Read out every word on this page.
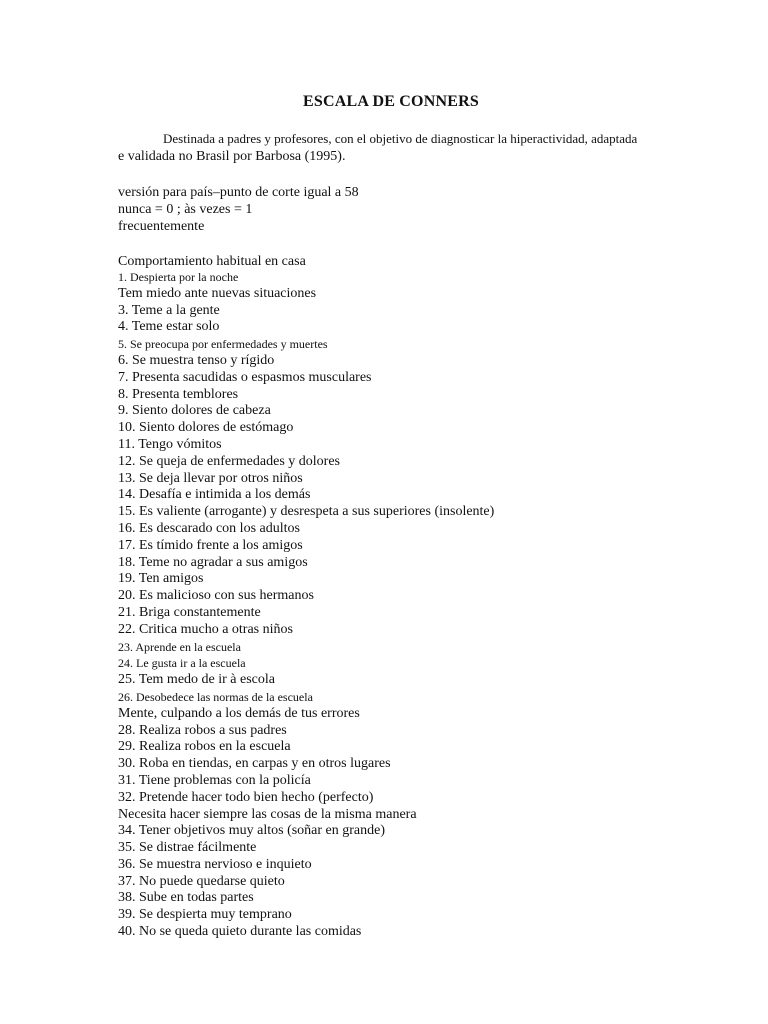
ESCALA DE CONNERS
Destinada a padres y profesores, con el objetivo de diagnosticar la hiperactividad, adaptada
e validada no Brasil por Barbosa (1995).
versión para país–punto de corte igual a 58
nunca = 0 ; às vezes = 1
frecuentemente
Comportamiento habitual en casa
1. Despierta por la noche
Tem miedo ante nuevas situaciones
3. Teme a la gente
4. Teme estar solo
5. Se preocupa por enfermedades y muertes
6. Se muestra tenso y rígido
7. Presenta sacudidas o espasmos musculares
8. Presenta temblores
9. Siento dolores de cabeza
10. Siento dolores de estómago
11. Tengo vómitos
12. Se queja de enfermedades y dolores
13. Se deja llevar por otros niños
14. Desafía e intimida a los demás
15. Es valiente (arrogante) y desrespeta a sus superiores (insolente)
16. Es descarado con los adultos
17. Es tímido frente a los amigos
18. Teme no agradar a sus amigos
19. Ten amigos
20. Es malicioso con sus hermanos
21. Briga constantemente
22. Critica mucho a otras niños
23. Aprende en la escuela
24. Le gusta ir a la escuela
25. Tem medo de ir à escola
26. Desobedece las normas de la escuela
Mente, culpando a los demás de tus errores
28. Realiza robos a sus padres
29. Realiza robos en la escuela
30. Roba en tiendas, en carpas y en otros lugares
31. Tiene problemas con la policía
32. Pretende hacer todo bien hecho (perfecto)
Necesita hacer siempre las cosas de la misma manera
34. Tener objetivos muy altos (soñar en grande)
35. Se distrae fácilmente
36. Se muestra nervioso e inquieto
37. No puede quedarse quieto
38. Sube en todas partes
39. Se despierta muy temprano
40. No se queda quieto durante las comidas
